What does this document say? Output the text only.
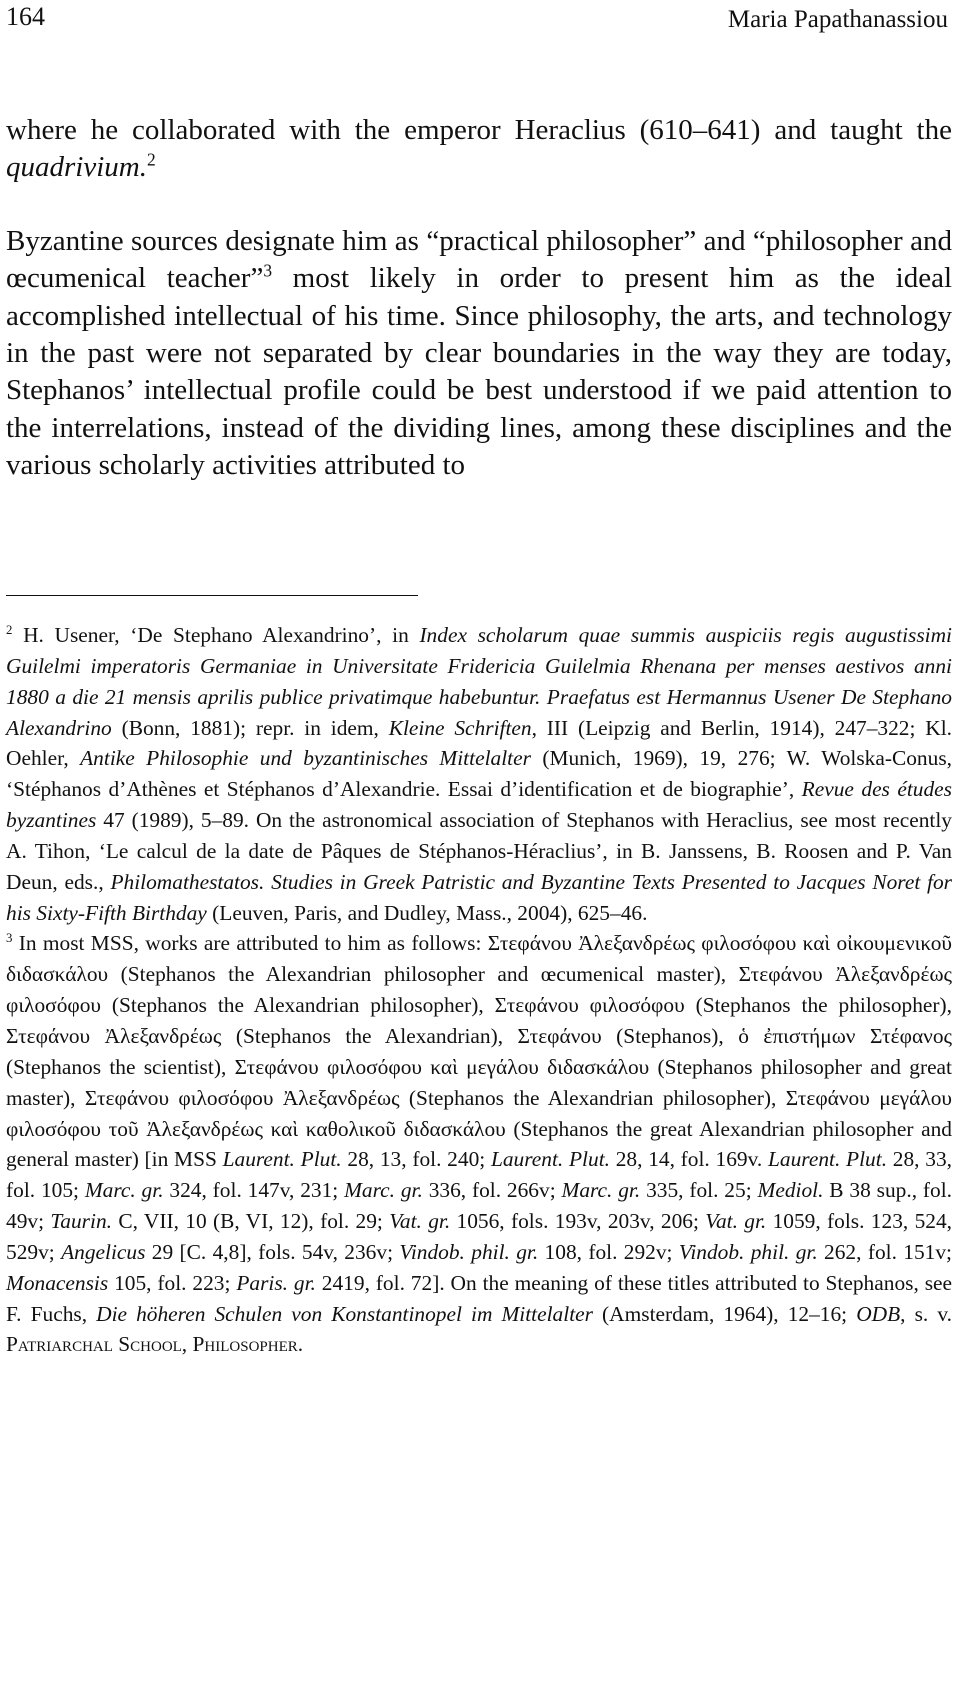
164	Maria Papathanassiou

where he collaborated with the emperor Heraclius (610–641) and taught the quadrivium.$^2$

Byzantine sources designate him as “practical philosopher” and “philosopher and œcumenical teacher”$^3$ most likely in order to present him as the ideal accomplished intellectual of his time. Since philosophy, the arts, and technology in the past were not separated by clear boundaries in the way they are today, Stephanos’ intellectual profile could be best understood if we paid attention to the interrelations, instead of the dividing lines, among these disciplines and the various scholarly activities attributed to

$^2$ H. Usener, ‘De Stephano Alexandrino’, in Index scholarum quae summis auspiciis regis augustissimi Guilelmi imperatoris Germaniae in Universitate Fridericia Guilelmia Rhenana per menses aestivos anni 1880 a die 21 mensis aprilis publice privatimque habebuntur. Praefatus est Hermannus Usener De Stephano Alexandrino (Bonn, 1881); repr. in idem, Kleine Schriften, III (Leipzig and Berlin, 1914), 247–322; Kl. Oehler, Antike Philosophie und byzantinisches Mittelalter (Munich, 1969), 19, 276; W. Wolska-Conus, ‘Stéphanos d’Athènes et Stéphanos d’Alexandrie. Essai d’identification et de biographie’, Revue des études byzantines 47 (1989), 5–89. On the astronomical association of Stephanos with Heraclius, see most recently A. Tihon, ‘Le calcul de la date de Pâques de Stéphanos-Héraclius’, in B. Janssens, B. Roosen and P. Van Deun, eds., Philomathestatos. Studies in Greek Patristic and Byzantine Texts Presented to Jacques Noret for his Sixty-Fifth Birthday (Leuven, Paris, and Dudley, Mass., 2004), 625–46.

$^3$ In most MSS, works are attributed to him as follows: Στεφάνου Ἀλεξανδρέως φιλοσόφου καὶ οἰκουμενικοῦ διδασκάλου (Stephanos the Alexandrian philosopher and œcumenical master), Στεφάνου Ἀλεξανδρέως φιλοσόφου (Stephanos the Alexandrian philosopher), Στεφάνου φιλοσόφου (Stephanos the philosopher), Στεφάνου Ἀλεξανδρέως (Stephanos the Alexandrian), Στεφάνου (Stephanos), ὁ ἐπιστήμων Στέφανος (Stephanos the scientist), Στεφάνου φιλοσόφου καὶ μεγάλου διδασκάλου (Stephanos philosopher and great master), Στεφάνου φιλοσόφου Ἀλεξανδρέως (Stephanos the Alexandrian philosopher), Στεφάνου μεγάλου φιλοσόφου τοῦ Ἀλεξανδρέως καὶ καθολικοῦ διδασκάλου (Stephanos the great Alexandrian philosopher and general master) [in MSS Laurent. Plut. 28, 13, fol. 240; Laurent. Plut. 28, 14, fol. 169v. Laurent. Plut. 28, 33, fol. 105; Marc. gr. 324, fol. 147v, 231; Marc. gr. 336, fol. 266v; Marc. gr. 335, fol. 25; Mediol. B 38 sup., fol. 49v; Taurin. C, VII, 10 (B, VI, 12), fol. 29; Vat. gr. 1056, fols. 193v, 203v, 206; Vat. gr. 1059, fols. 123, 524, 529v; Angelicus 29 [C. 4,8], fols. 54v, 236v; Vindob. phil. gr. 108, fol. 292v; Vindob. phil. gr. 262, fol. 151v; Monacensis 105, fol. 223; Paris. gr. 2419, fol. 72]. On the meaning of these titles attributed to Stephanos, see F. Fuchs, Die höheren Schulen von Konstantinopel im Mittelalter (Amsterdam, 1964), 12–16; ODB, s. v. Patriarchal School, Philosopher.
